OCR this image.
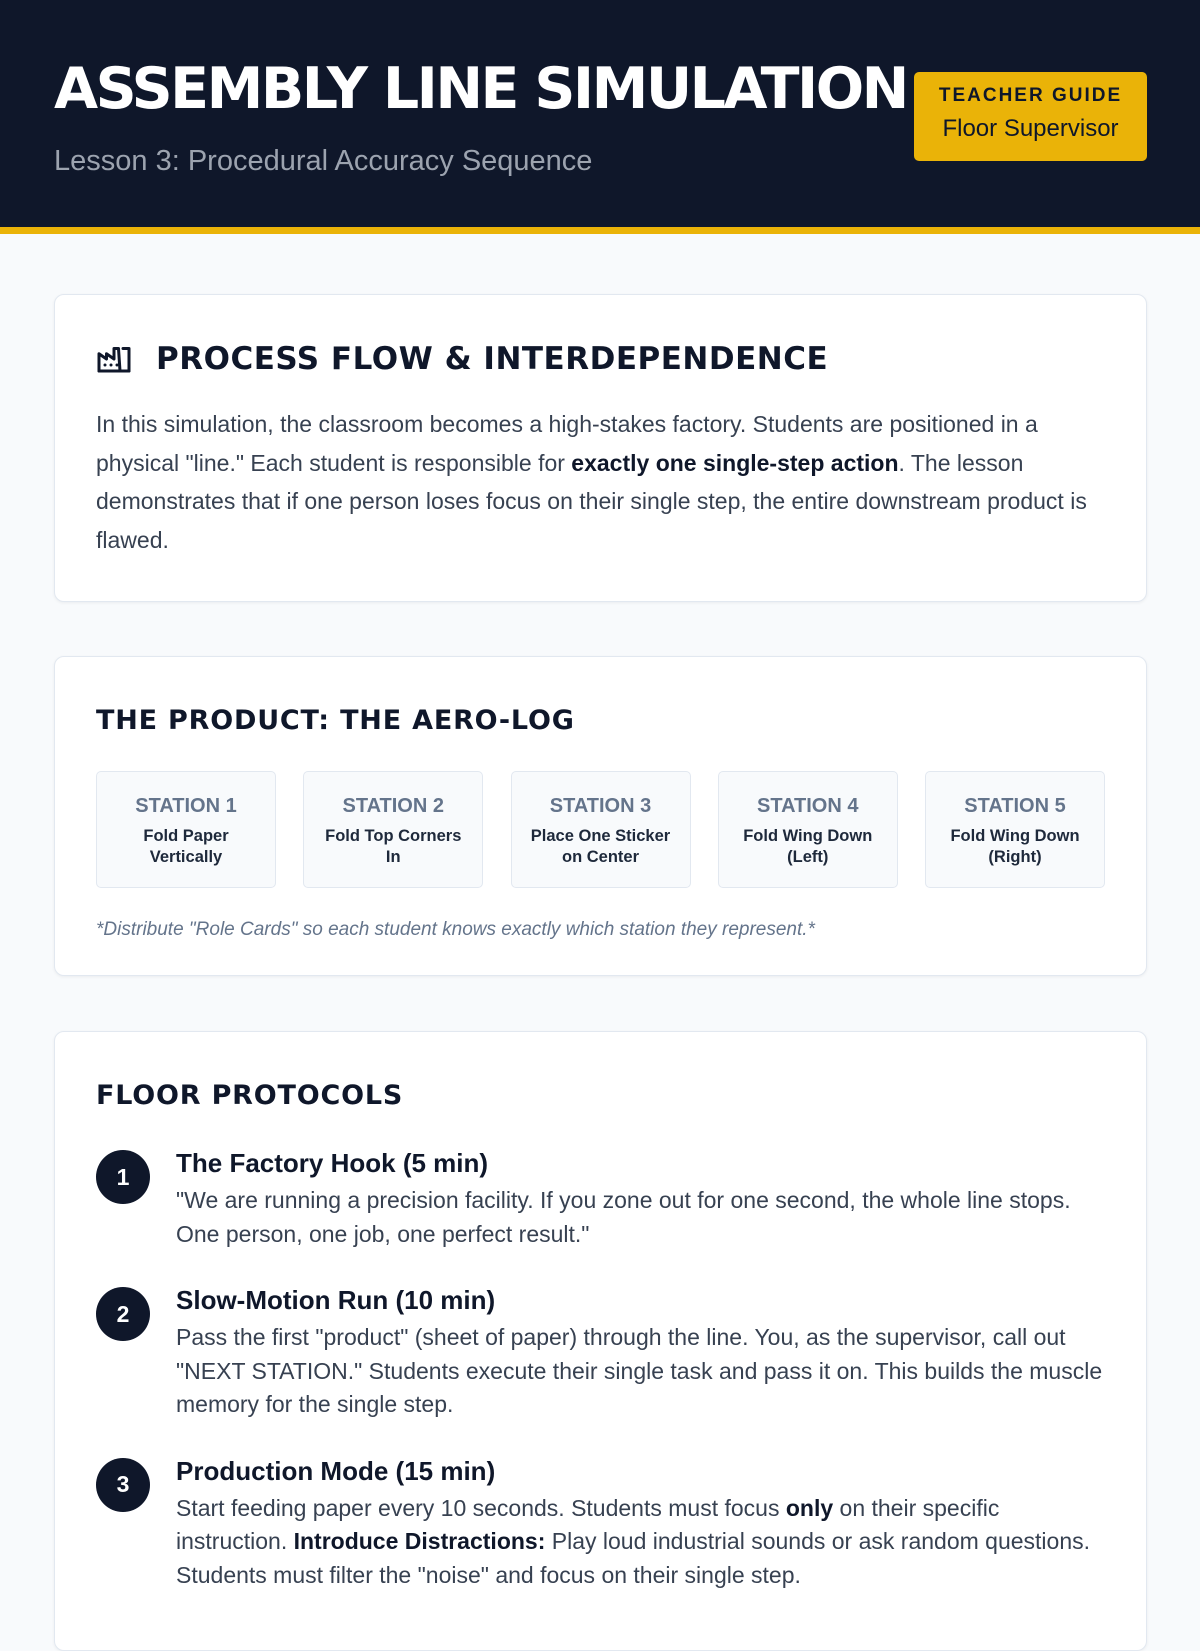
ASSEMBLY LINE SIMULATION
Lesson 3: Procedural Accuracy Sequence
TEACHER GUIDE
Floor Supervisor
PROCESS FLOW & INTERDEPENDENCE

In this simulation, the classroom becomes a high-stakes factory. Students are positioned in a physical "line." Each student is responsible for exactly one single-step action. The lesson demonstrates that if one person loses focus on their single step, the entire downstream product is flawed.

THE PRODUCT: THE AERO-LOG
STATION 1
Fold Paper Vertically
STATION 2
Fold Top Corners In
STATION 3
Place One Sticker on Center
STATION 4
Fold Wing Down (Left)
STATION 5
Fold Wing Down (Right)

*Distribute "Role Cards" so each student knows exactly which station they represent.*

FLOOR PROTOCOLS
1	The Factory Hook (5 min)
"We are running a precision facility. If you zone out for one second, the whole line stops. One person, one job, one perfect result."
2	Slow-Motion Run (10 min)
Pass the first "product" (sheet of paper) through the line. You, as the supervisor, call out "NEXT STATION." Students execute their single task and pass it on. This builds the muscle memory for the single step.
3	Production Mode (15 min)
Start feeding paper every 10 seconds. Students must focus only on their specific instruction. Introduce Distractions: Play loud industrial sounds or ask random questions. Students must filter the "noise" and focus on their single step.
